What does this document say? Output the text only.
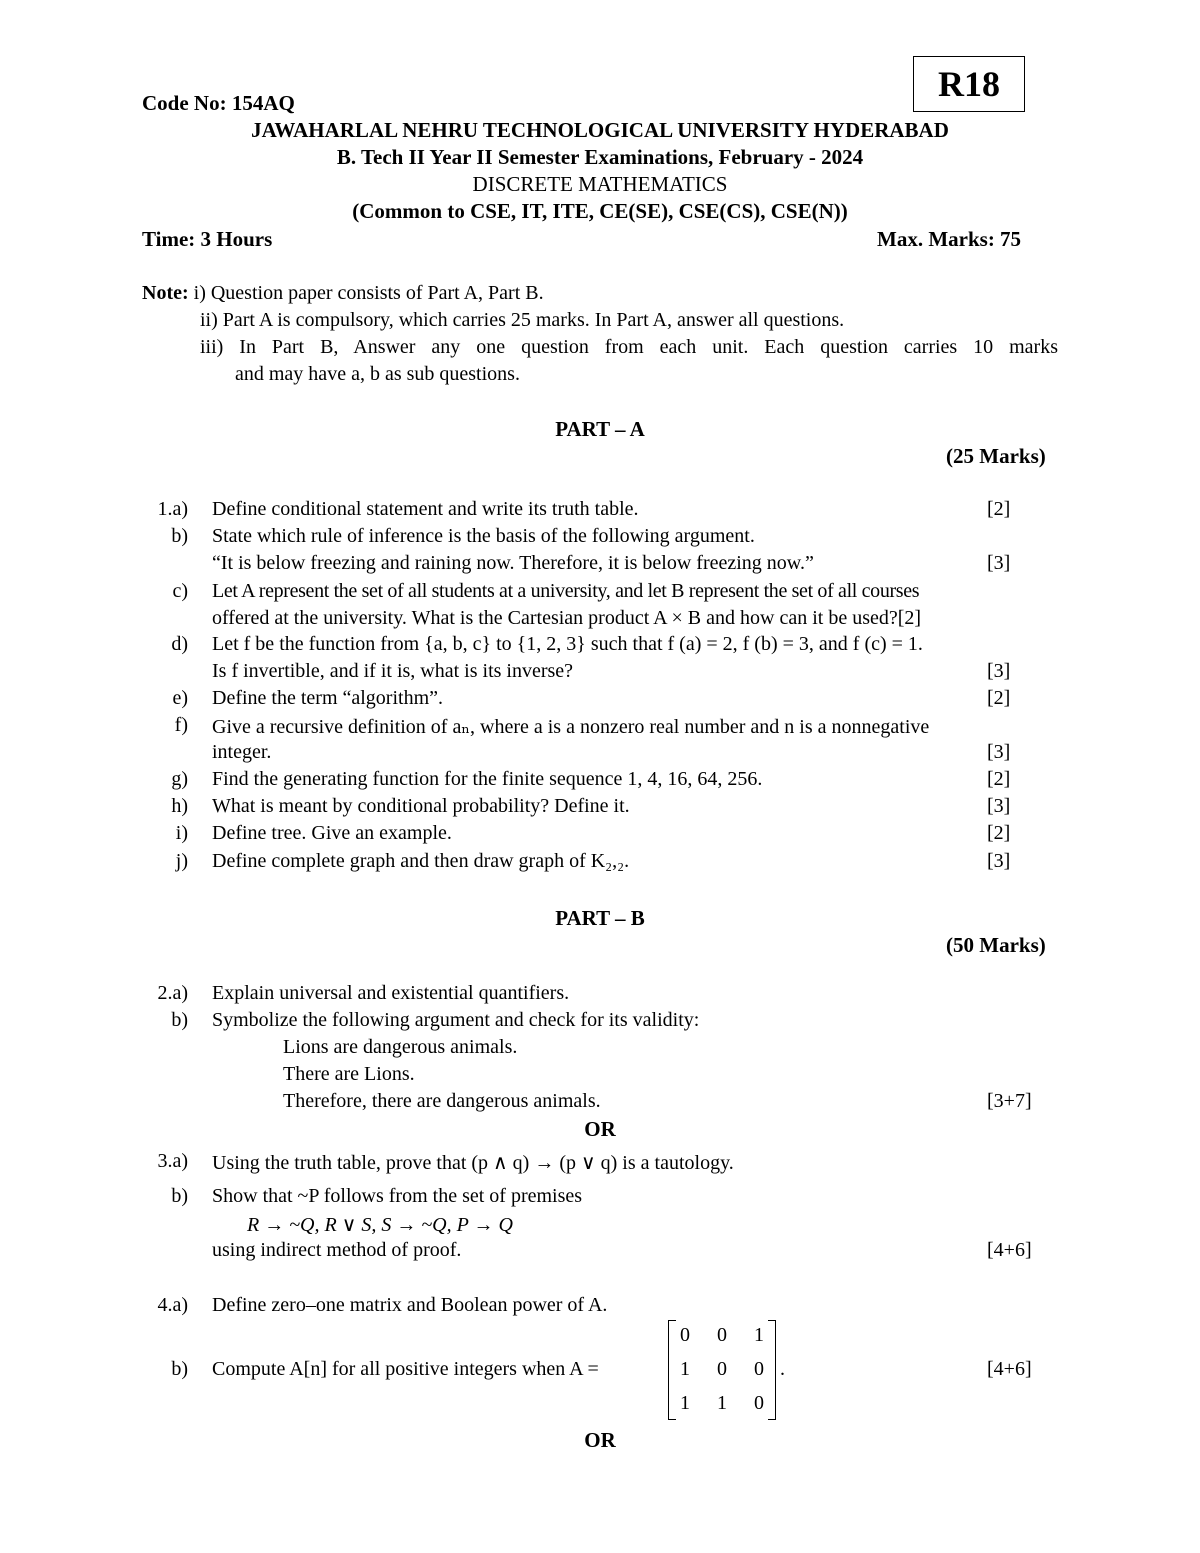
Code No: 154AQ	R18
JAWAHARLAL NEHRU TECHNOLOGICAL UNIVERSITY HYDERABAD
B. Tech II Year II Semester Examinations, February - 2024
DISCRETE MATHEMATICS
(Common to CSE, IT, ITE, CE(SE), CSE(CS), CSE(N))
Time: 3 Hours	Max. Marks: 75
Note: i) Question paper consists of Part A, Part B.
ii) Part A is compulsory, which carries 25 marks. In Part A, answer all questions.
iii) In Part B, Answer any one question from each unit. Each question carries 10 marks
and may have a, b as sub questions.
PART – A
(25 Marks)
1.a) Define conditional statement and write its truth table.	[2]
b) State which rule of inference is the basis of the following argument.
“It is below freezing and raining now. Therefore, it is below freezing now.”	[3]
c) Let A represent the set of all students at a university, and let B represent the set of all courses
offered at the university. What is the Cartesian product A × B and how can it be used?[2]
d) Let f be the function from {a, b, c} to {1, 2, 3} such that f (a) = 2, f (b) = 3, and f (c) = 1.
Is f invertible, and if it is, what is its inverse?	[3]
e) Define the term “algorithm”.	[2]
f) Give a recursive definition of aₙ, where a is a nonzero real number and n is a nonnegative
integer.	[3]
g) Find the generating function for the finite sequence 1, 4, 16, 64, 256.	[2]
h) What is meant by conditional probability? Define it.	[3]
i) Define tree. Give an example.	[2]
j) Define complete graph and then draw graph of K₂,₂.	[3]
PART – B
(50 Marks)
2.a) Explain universal and existential quantifiers.
b) Symbolize the following argument and check for its validity:
Lions are dangerous animals.
There are Lions.
Therefore, there are dangerous animals.	[3+7]
OR
3.a) Using the truth table, prove that (p ∧ q) → (p ∨ q) is a tautology.
b) Show that ~P follows from the set of premises
R → ~Q, R ∨ S, S → ~Q, P → Q
using indirect method of proof.	[4+6]
4.a) Define zero–one matrix and Boolean power of A.
b) Compute A[n] for all positive integers when A =
0 0 1
1 0 0
1 1 0
.	[4+6]
OR
